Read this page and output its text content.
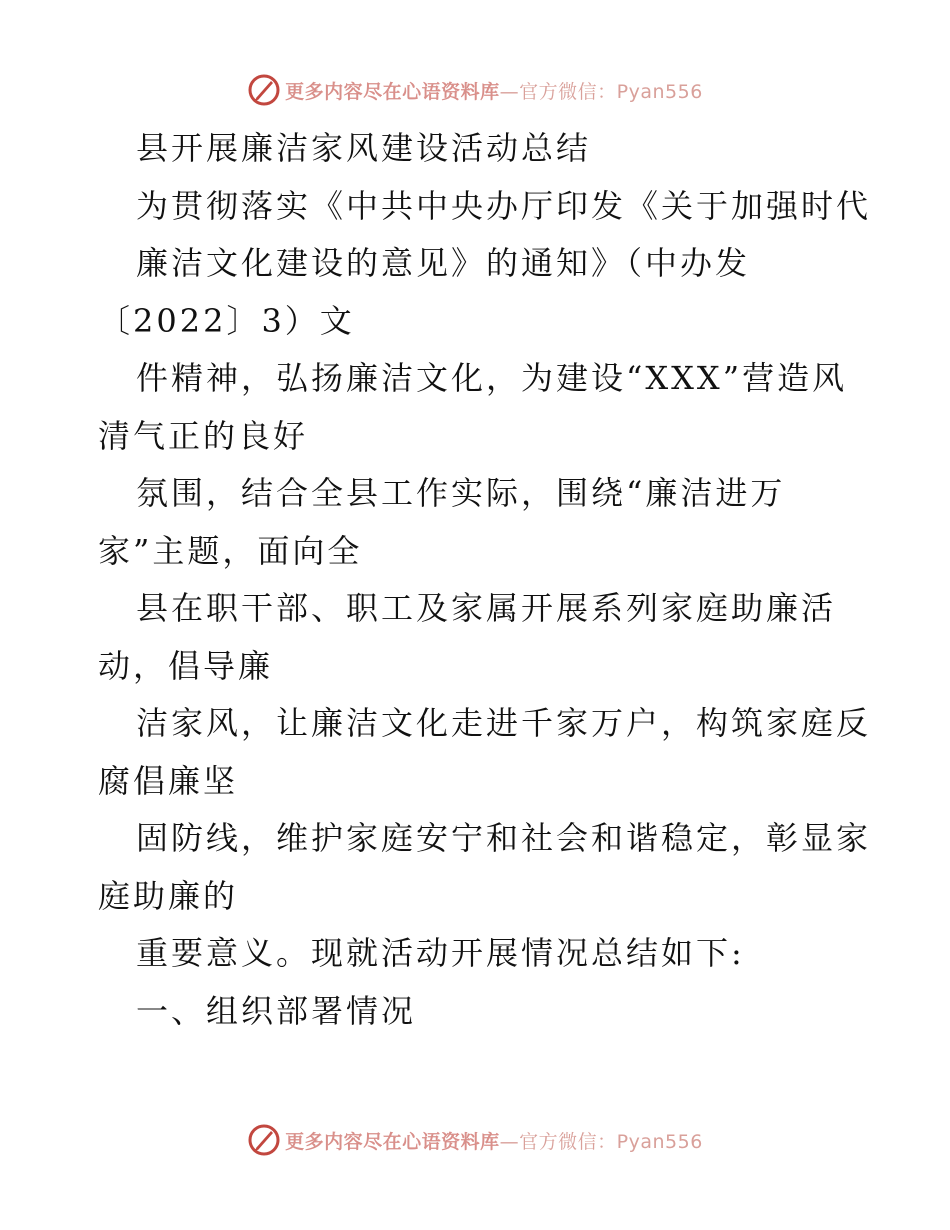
更多内容尽在心语资料库—官方微信：Pyan556
县开展廉洁家风建设活动总结
为贯彻落实《中共中央办厅印发《关于加强时代
廉洁文化建设的意见》的通知》（中办发
〔2022〕3）文
件精神，弘扬廉洁文化，为建设“XXX”营造风
清气正的良好
氛围，结合全县工作实际，围绕“廉洁进万
家”主题，面向全
县在职干部、职工及家属开展系列家庭助廉活
动，倡导廉
洁家风，让廉洁文化走进千家万户，构筑家庭反
腐倡廉坚
固防线，维护家庭安宁和社会和谐稳定，彰显家
庭助廉的
重要意义。现就活动开展情况总结如下:
一、组织部署情况
更多内容尽在心语资料库—官方微信：Pyan556
